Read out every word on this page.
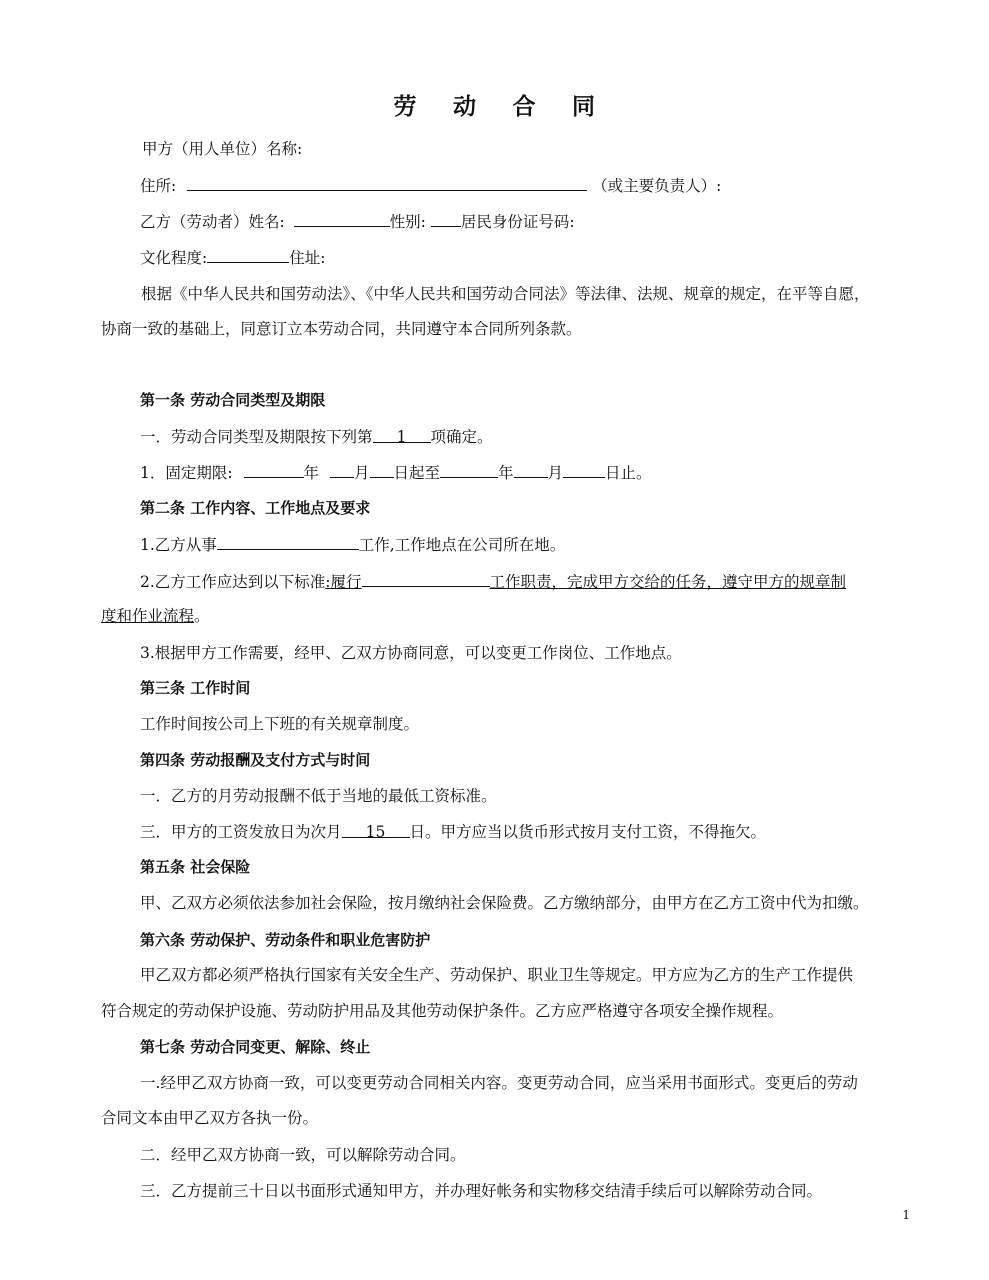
劳 动 合 同
甲方（用人单位）名称:
住所:	（或主要负责人）:
乙方（劳动者）姓名:	性别: 居民身份证号码:
文化程度:	住址:
根据《中华人民共和国劳动法》、《中华人民共和国劳动合同法》等法律、法规、规章的规定，在平等自愿，
协商一致的基础上，同意订立本劳动合同，共同遵守本合同所列条款。
第一条 劳动合同类型及期限
一．劳动合同类型及期限按下列第 1 项确定。
1．固定期限:	年 月 日起至	年 月	日止。
第二条 工作内容、工作地点及要求
1.乙方从事	工作,工作地点在公司所在地。
2.乙方工作应达到以下标准:履行	工作职责，完成甲方交给的任务，遵守甲方的规章制
度和作业流程。
3.根据甲方工作需要，经甲、乙双方协商同意，可以变更工作岗位、工作地点。
第三条 工作时间
工作时间按公司上下班的有关规章制度。
第四条 劳动报酬及支付方式与时间
一．乙方的月劳动报酬不低于当地的最低工资标准。
三．甲方的工资发放日为次月 15 日。甲方应当以货币形式按月支付工资，不得拖欠。
第五条 社会保险
甲、乙双方必须依法参加社会保险，按月缴纳社会保险费。乙方缴纳部分，由甲方在乙方工资中代为扣缴。
第六条 劳动保护、劳动条件和职业危害防护
甲乙双方都必须严格执行国家有关安全生产、劳动保护、职业卫生等规定。甲方应为乙方的生产工作提供
符合规定的劳动保护设施、劳动防护用品及其他劳动保护条件。乙方应严格遵守各项安全操作规程。
第七条 劳动合同变更、解除、终止
一.经甲乙双方协商一致，可以变更劳动合同相关内容。变更劳动合同，应当采用书面形式。变更后的劳动
合同文本由甲乙双方各执一份。
二．经甲乙双方协商一致，可以解除劳动合同。
三．乙方提前三十日以书面形式通知甲方，并办理好帐务和实物移交结清手续后可以解除劳动合同。
1
